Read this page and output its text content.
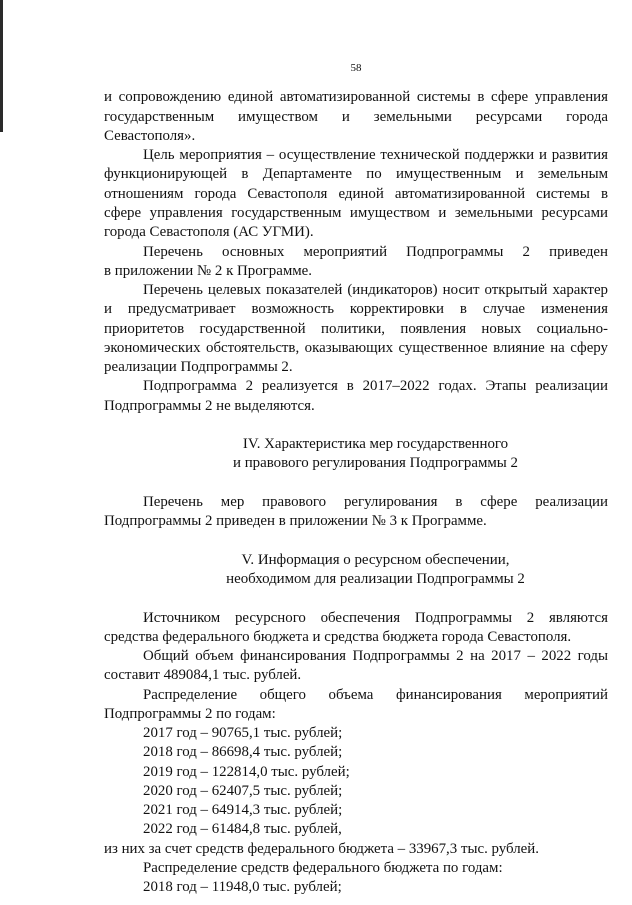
58
и сопровождению единой автоматизированной системы в сфере управления
государственным имуществом и земельными ресурсами города
Севастополя».
Цель мероприятия – осуществление технической поддержки и развития
функционирующей в Департаменте по имущественным и земельным
отношениям города Севастополя единой автоматизированной системы в
сфере управления государственным имуществом и земельными ресурсами
города Севастополя (АС УГМИ).
Перечень основных мероприятий Подпрограммы 2 приведен
в приложении № 2 к Программе.
Перечень целевых показателей (индикаторов) носит открытый характер
и предусматривает возможность корректировки в случае изменения
приоритетов государственной политики, появления новых социально-
экономических обстоятельств, оказывающих существенное влияние на сферу
реализации Подпрограммы 2.
Подпрограмма 2 реализуется в 2017–2022 годах. Этапы реализации
Подпрограммы 2 не выделяются.
IV. Характеристика мер государственного
и правового регулирования Подпрограммы 2
Перечень мер правового регулирования в сфере реализации
Подпрограммы 2 приведен в приложении № 3 к Программе.
V. Информация о ресурсном обеспечении,
необходимом для реализации Подпрограммы 2
Источником ресурсного обеспечения Подпрограммы 2 являются
средства федерального бюджета и средства бюджета города Севастополя.
Общий объем финансирования Подпрограммы 2 на 2017 – 2022 годы
составит 489084,1 тыс. рублей.
Распределение общего объема финансирования мероприятий
Подпрограммы 2 по годам:
2017 год – 90765,1 тыс. рублей;
2018 год – 86698,4 тыс. рублей;
2019 год – 122814,0 тыс. рублей;
2020 год – 62407,5 тыс. рублей;
2021 год – 64914,3 тыс. рублей;
2022 год – 61484,8 тыс. рублей,
из них за счет средств федерального бюджета – 33967,3 тыс. рублей.
Распределение средств федерального бюджета по годам:
2018 год – 11948,0 тыс. рублей;
